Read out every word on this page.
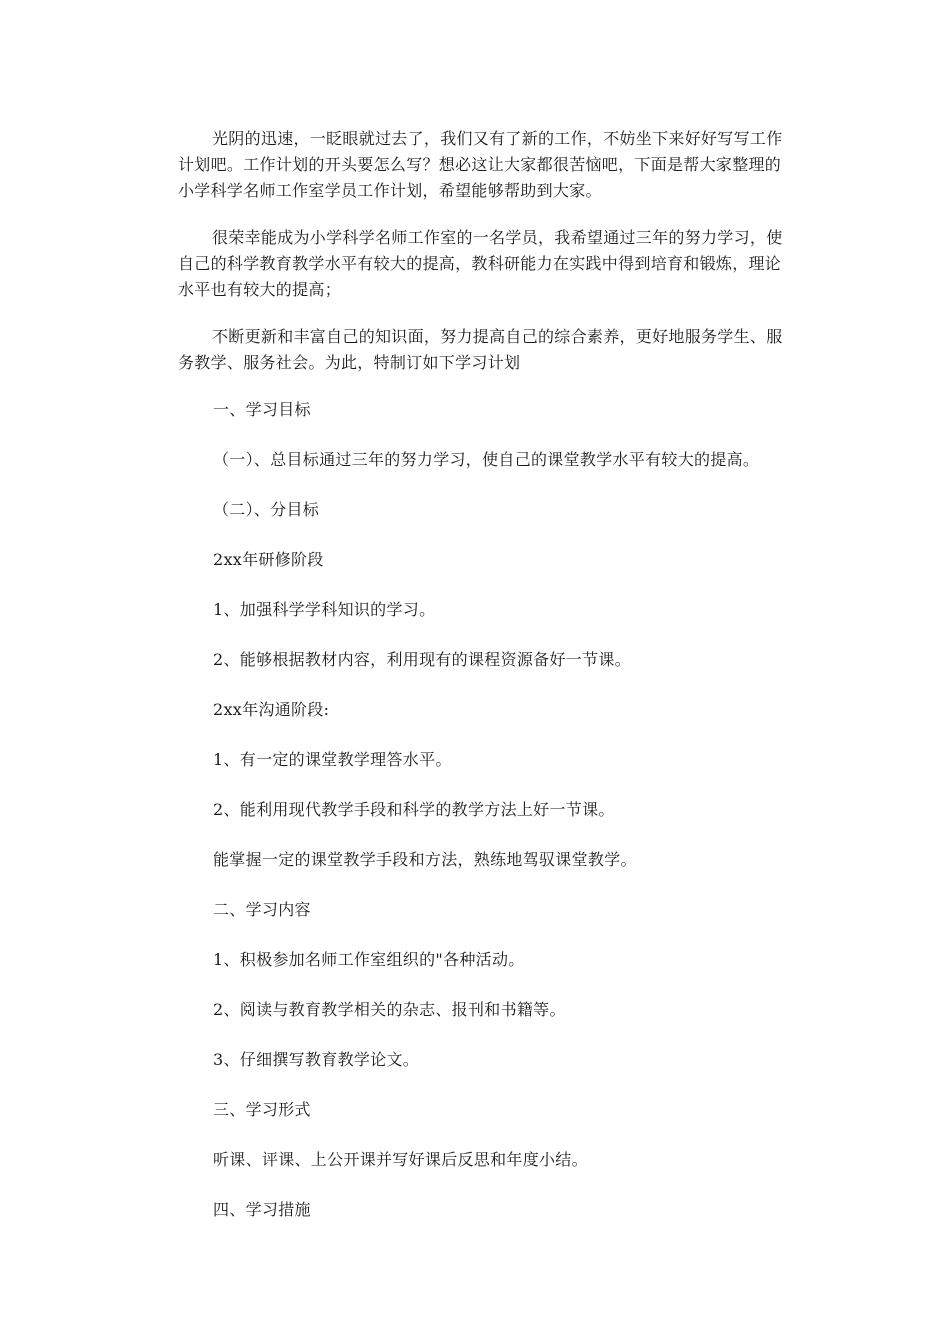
光阴的迅速，一眨眼就过去了，我们又有了新的工作，不妨坐下来好好写写工作计划吧。工作计划的开头要怎么写？想必这让大家都很苦恼吧，下面是帮大家整理的小学科学名师工作室学员工作计划，希望能够帮助到大家。

很荣幸能成为小学科学名师工作室的一名学员，我希望通过三年的努力学习，使自己的科学教育教学水平有较大的提高，教科研能力在实践中得到培育和锻炼，理论水平也有较大的提高；

不断更新和丰富自己的知识面，努力提高自己的综合素养，更好地服务学生、服务教学、服务社会。为此，特制订如下学习计划

一、学习目标

（一）、总目标通过三年的努力学习，使自己的课堂教学水平有较大的提高。

（二）、分目标

2xx年研修阶段

1、加强科学学科知识的学习。

2、能够根据教材内容，利用现有的课程资源备好一节课。

2xx年沟通阶段:

1、有一定的课堂教学理答水平。

2、能利用现代教学手段和科学的教学方法上好一节课。

能掌握一定的课堂教学手段和方法，熟练地驾驭课堂教学。

二、学习内容

1、积极参加名师工作室组织的"各种活动。

2、阅读与教育教学相关的杂志、报刊和书籍等。

3、仔细撰写教育教学论文。

三、学习形式

听课、评课、上公开课并写好课后反思和年度小结。

四、学习措施
